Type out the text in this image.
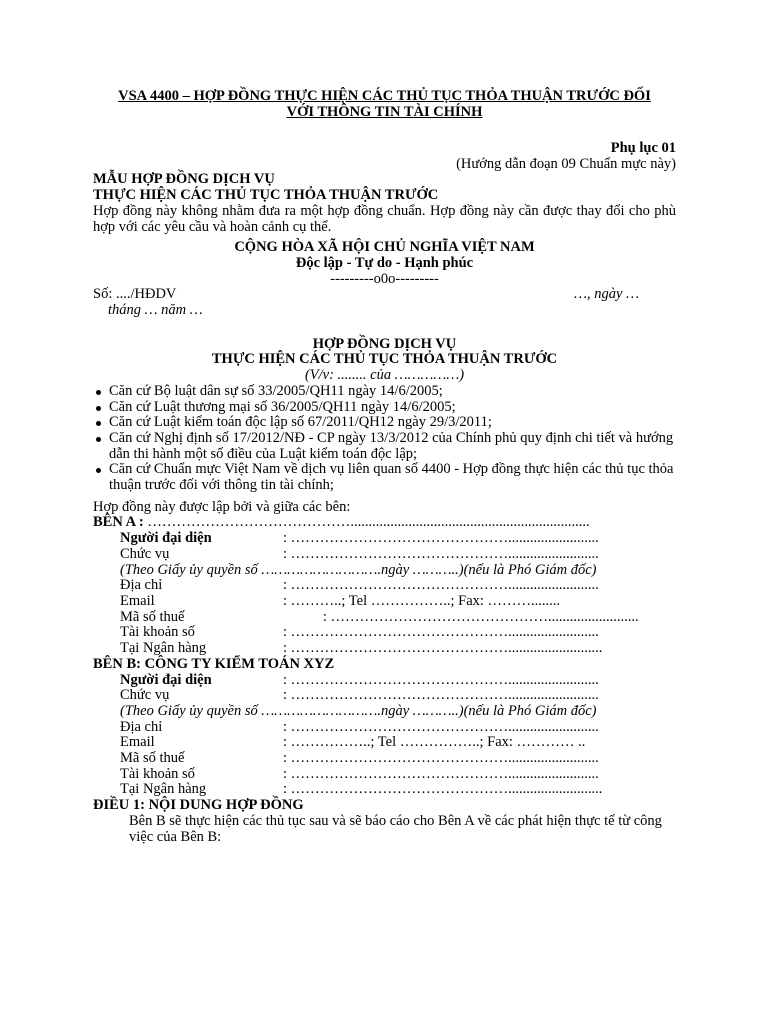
VSA 4400 – HỢP ĐỒNG THỰC HIỆN CÁC THỦ TỤC THỎA THUẬN TRƯỚC ĐỐI
VỚI THÔNG TIN TÀI CHÍNH
Phụ lục 01
(Hướng dẫn đoạn 09 Chuẩn mực này)
MẪU HỢP ĐỒNG DỊCH VỤ
THỰC HIỆN CÁC THỦ TỤC THỎA THUẬN TRƯỚC
Hợp đồng này không nhằm đưa ra một hợp đồng chuẩn. Hợp đồng này cần được thay đổi cho phù hợp với các yêu cầu và hoàn cảnh cụ thể.
CỘNG HÒA XÃ HỘI CHỦ NGHĨA VIỆT NAM
Độc lập - Tự do - Hạnh phúc
---------o0o---------
Số: ..../HĐDV	…, ngày …
tháng … năm …
HỢP ĐỒNG DỊCH VỤ
THỰC HIỆN CÁC THỦ TỤC THỎA THUẬN TRƯỚC
(V/v: ........ của ……………)
Căn cứ Bộ luật dân sự số 33/2005/QH11 ngày 14/6/2005;
Căn cứ Luật thương mại số 36/2005/QH11 ngày 14/6/2005;
Căn cứ Luật kiểm toán độc lập số 67/2011/QH12 ngày 29/3/2011;
Căn cứ Nghị định số 17/2012/NĐ - CP ngày 13/3/2012 của Chính phủ quy định chi tiết và hướng dẫn thi hành một số điều của Luật kiểm toán độc lập;
Căn cứ Chuẩn mực Việt Nam về dịch vụ liên quan số 4400 - Hợp đồng thực hiện các thủ tục thỏa thuận trước đối với thông tin tài chính;
Hợp đồng này được lập bởi và giữa các bên:
BÊN A : ……………………………………..................................................................
Người đại diện	: ……………………………………….........................
Chức vụ	: ……………………………………….........................
(Theo Giấy ủy quyền số ……………………….ngày ………..)(nếu là Phó Giám đốc)
Địa chỉ	: ……………………………………….........................
Email	: ………..; Tel ……………..; Fax: ………........
Mã số thuế	: ……………………………………….........................
Tài khoản số	: ……………………………………….........................
Tại Ngân hàng	: ………………………………………..........................
BÊN B: CÔNG TY KIỂM TOÁN XYZ
Người đại diện	: ……………………………………….........................
Chức vụ	: ……………………………………….........................
(Theo Giấy ủy quyền số ……………………….ngày ………..)(nếu là Phó Giám đốc)
Địa chỉ	: ……………………………………….........................
Email	: ……………..; Tel ……………..; Fax: ………… ..
Mã số thuế	: ……………………………………….........................
Tài khoản số	: ……………………………………….........................
Tại Ngân hàng	: ………………………………………..........................
ĐIỀU 1: NỘI DUNG HỢP ĐỒNG
Bên B sẽ thực hiện các thủ tục sau và sẽ báo cáo cho Bên A về các phát hiện thực tế từ công việc của Bên B:
